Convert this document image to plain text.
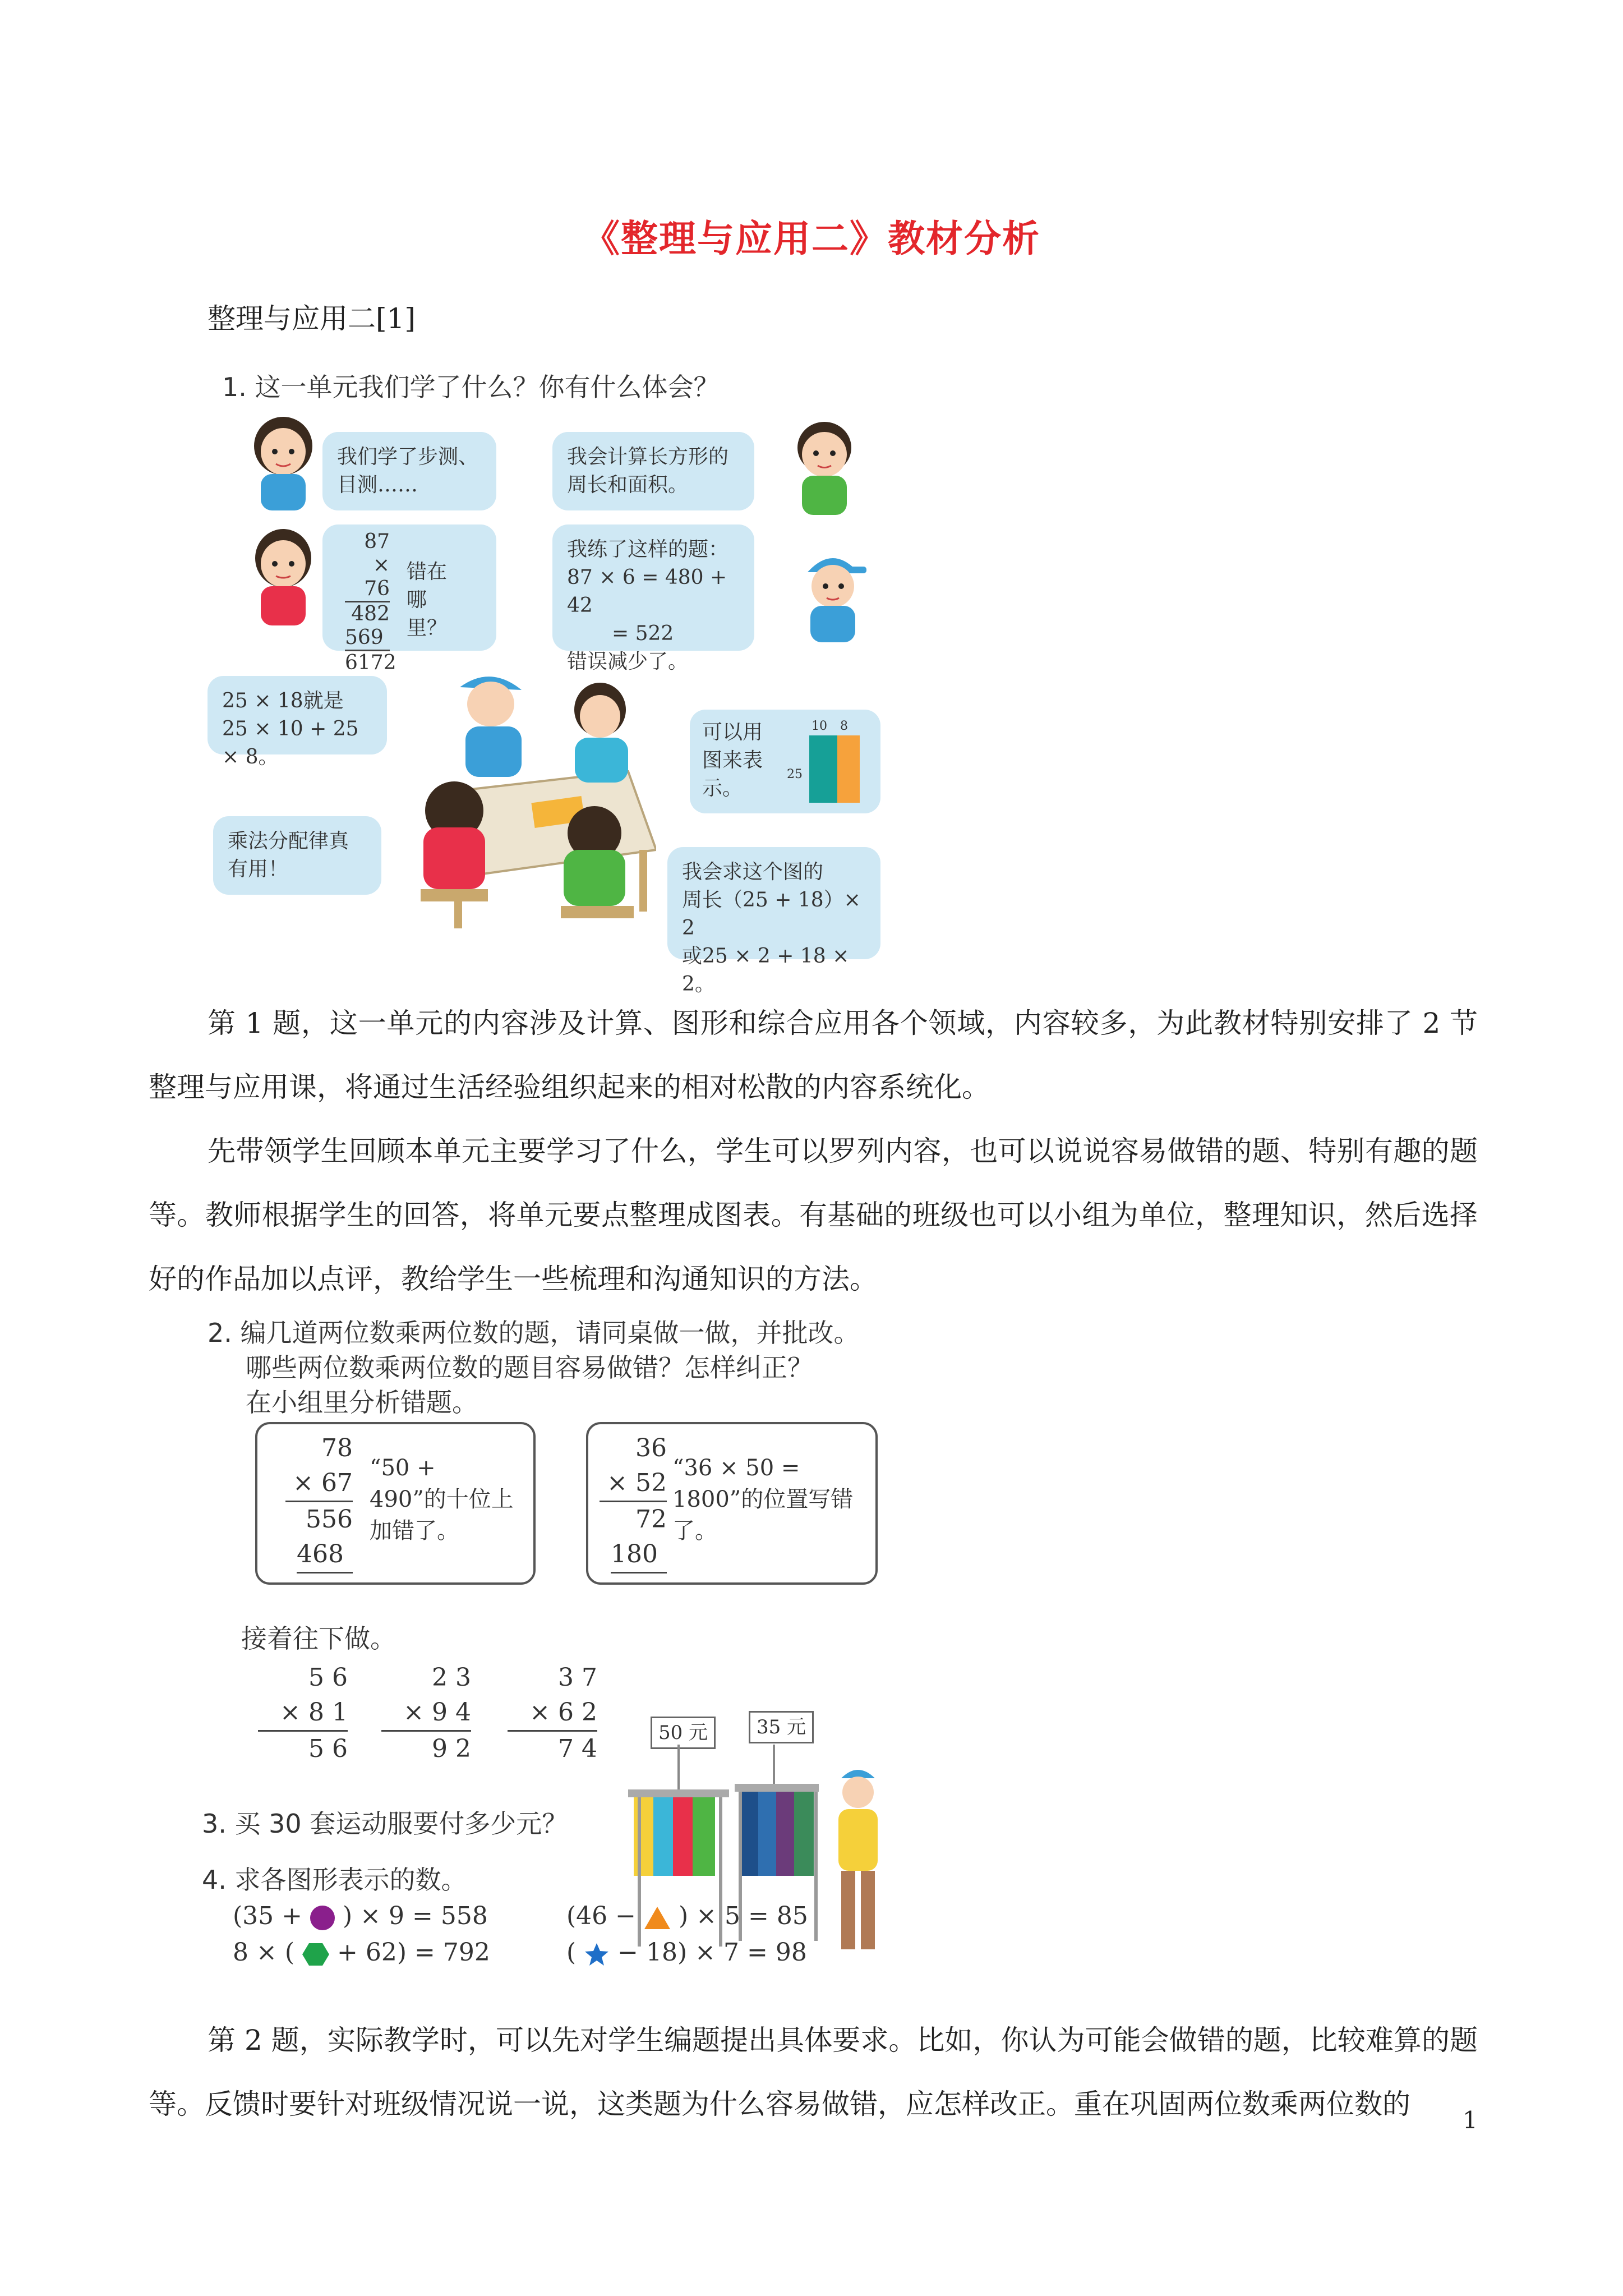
《整理与应用二》教材分析
整理与应用二[1]
1. 这一单元我们学了什么？你有什么体会？
我们学了步测、目测……
我会计算长方形的周长和面积。
87
× 76
482
569
6172
错在哪里？
我练了这样的题：
87 × 6 = 480 + 42
= 522
错误减少了。
25 × 18就是
25 × 10 + 25 × 8。
可以用图来表示。
10 8
25
乘法分配律真有用！	我会求这个图的
周长（25 + 18）× 2
或25 × 2 + 18 × 2。

第 1 题，这一单元的内容涉及计算、图形和综合应用各个领域，内容较多，为此教材特别安排了 2 节整理与应用课，将通过生活经验组织起来的相对松散的内容系统化。

先带领学生回顾本单元主要学习了什么，学生可以罗列内容，也可以说说容易做错的题、特别有趣的题等。教师根据学生的回答，将单元要点整理成图表。有基础的班级也可以小组为单位，整理知识，然后选择好的作品加以点评，教给学生一些梳理和沟通知识的方法。

2. 编几道两位数乘两位数的题，请同桌做一做，并批改。
哪些两位数乘两位数的题目容易做错？怎样纠正？
在小组里分析错题。
78
× 67
556
468
“50 + 490”的十位上加错了。
36
× 52
72
180
“36 × 50 = 1800”的位置写错了。
接着往下做。
5 6
× 8 1
5 6
2 3
× 9 4
9 2
3 7
× 6 2
7 4
50 元	35 元
3. 买 30 套运动服要付多少元？
4. 求各图形表示的数。
(35 + ) × 9 = 558
8 × ( + 62) = 792
(46 − ) × 5 = 85
( − 18) × 7 = 98

第 2 题，实际教学时，可以先对学生编题提出具体要求。比如，你认为可能会做错的题，比较难算的题等。反馈时要针对班级情况说一说，这类题为什么容易做错，应怎样改正。重在巩固两位数乘两位数的	1
